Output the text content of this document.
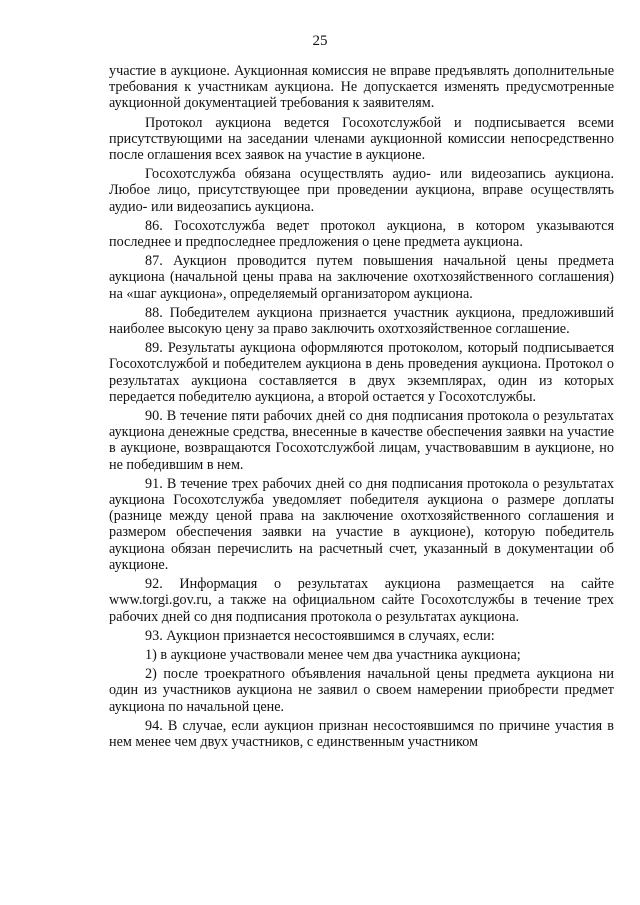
25

участие в аукционе. Аукционная комиссия не вправе предъявлять дополнительные требования к участникам аукциона. Не допускается изменять предусмотренные аукционной документацией требования к заявителям.

Протокол аукциона ведется Госохотслужбой и подписывается всеми присутствующими на заседании членами аукционной комиссии непосредственно после оглашения всех заявок на участие в аукционе.

Госохотслужба обязана осуществлять аудио- или видеозапись аукциона. Любое лицо, присутствующее при проведении аукциона, вправе осуществлять аудио- или видеозапись аукциона.

86. Госохотслужба ведет протокол аукциона, в котором указываются последнее и предпоследнее предложения о цене предмета аукциона.

87. Аукцион проводится путем повышения начальной цены предмета аукциона (начальной цены права на заключение охотхозяйственного соглашения) на «шаг аукциона», определяемый организатором аукциона.

88. Победителем аукциона признается участник аукциона, предложивший наиболее высокую цену за право заключить охотхозяйственное соглашение.

89. Результаты аукциона оформляются протоколом, который подписывается Госохотслужбой и победителем аукциона в день проведения аукциона. Протокол о результатах аукциона составляется в двух экземплярах, один из которых передается победителю аукциона, а второй остается у Госохотслужбы.

90. В течение пяти рабочих дней со дня подписания протокола о результатах аукциона денежные средства, внесенные в качестве обеспечения заявки на участие в аукционе, возвращаются Госохотслужбой лицам, участвовавшим в аукционе, но не победившим в нем.

91. В течение трех рабочих дней со дня подписания протокола о результатах аукциона Госохотслужба уведомляет победителя аукциона о размере доплаты (разнице между ценой права на заключение охотхозяйственного соглашения и размером обеспечения заявки на участие в аукционе), которую победитель аукциона обязан перечислить на расчетный счет, указанный в документации об аукционе.

92. Информация о результатах аукциона размещается на сайте www.torgi.gov.ru, а также на официальном сайте Госохотслужбы в течение трех рабочих дней со дня подписания протокола о результатах аукциона.

93. Аукцион признается несостоявшимся в случаях, если:

1) в аукционе участвовали менее чем два участника аукциона;

2) после троекратного объявления начальной цены предмета аукциона ни один из участников аукциона не заявил о своем намерении приобрести предмет аукциона по начальной цене.

94. В случае, если аукцион признан несостоявшимся по причине участия в нем менее чем двух участников, с единственным участником
